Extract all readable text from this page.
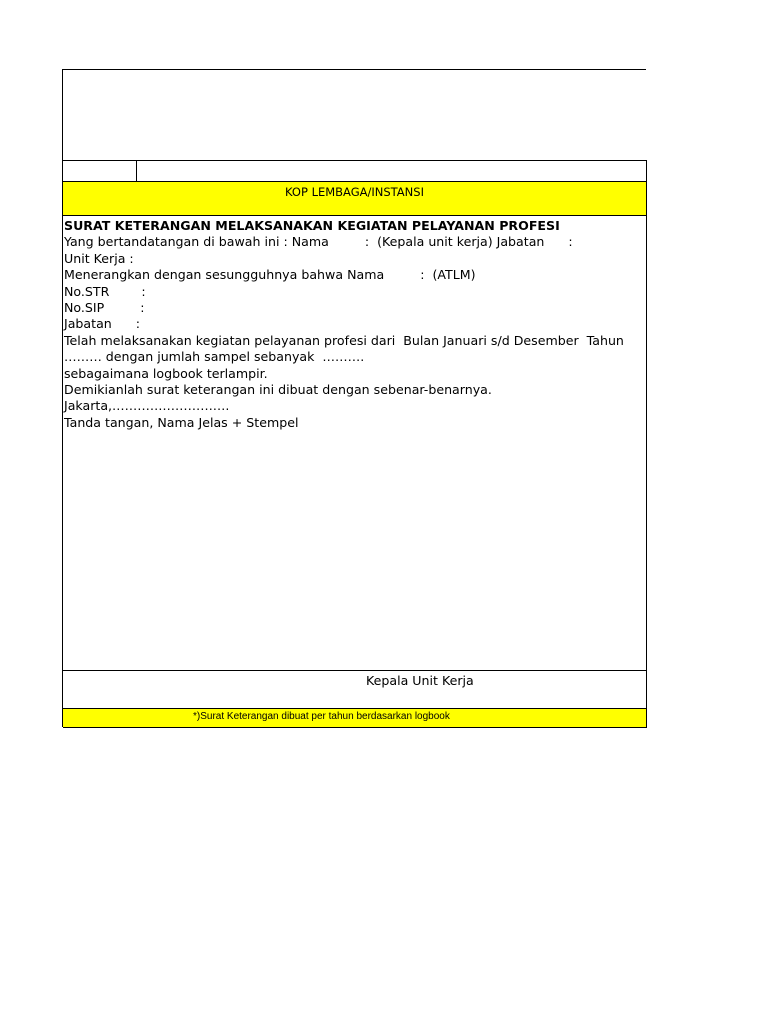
KOP LEMBAGA/INSTANSI
SURAT KETERANGAN MELAKSANAKAN KEGIATAN PELAYANAN PROFESI
Yang bertandatangan di bawah ini : Nama         :  (Kepala unit kerja) Jabatan      :
Unit Kerja :
Menerangkan dengan sesungguhnya bahwa Nama         :  (ATLM)
No.STR        :
No.SIP         :
Jabatan      :
Telah melaksanakan kegiatan pelayanan profesi dari  Bulan Januari s/d Desember  Tahun
……… dengan jumlah sampel sebanyak  ……….
sebagaimana logbook terlampir.
Demikianlah surat keterangan ini dibuat dengan sebenar-benarnya.
Jakarta,……………………….
Tanda tangan, Nama Jelas + Stempel
Kepala Unit Kerja
*)Surat Keterangan dibuat per tahun berdasarkan logbook
